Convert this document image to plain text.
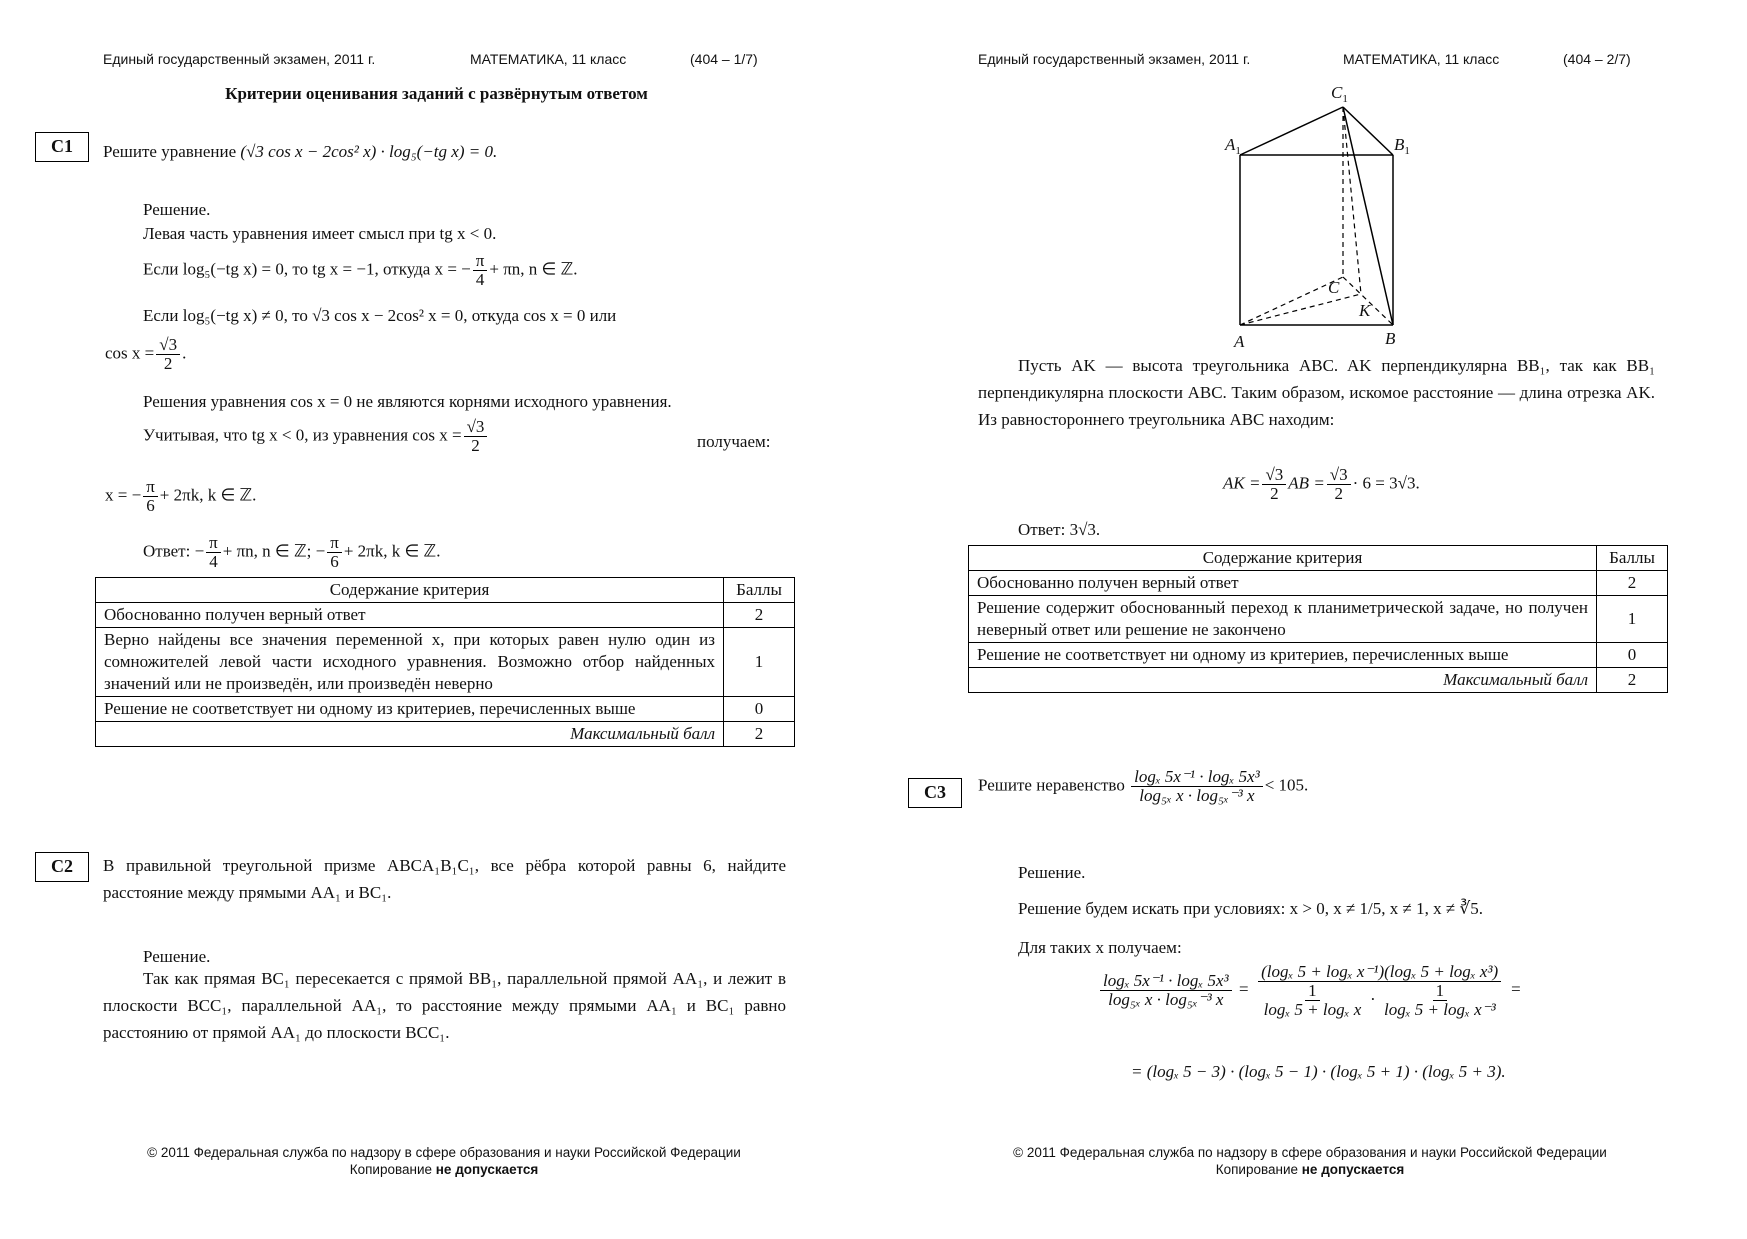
Единый государственный экзамен, 2011 г.	МАТЕМАТИКА, 11 класс	(404 – 1/7)
Критерии оценивания заданий с развёрнутым ответом
C1	Решите уравнение (√3 cos x − 2cos² x) · log₅(−tg x) = 0.
Решение.
Левая часть уравнения имеет смысл при tg x < 0.
Если log₅(−tg x) = 0, то tg x = −1, откуда x = − $\frac{\pi}{4} + \pi n$, n ∈ ℤ.
Если log₅(−tg x) ≠ 0, то √3 cos x − 2cos² x = 0, откуда cos x = 0 или
$\cos x = \frac{√3}{2}$ .
Решения уравнения cos x = 0 не являются корнями исходного уравнения.
Учитывая, что tg x < 0, из уравнения $\cos x = \frac{√3}{2}$	получаем:
x = − $\frac{\pi}{6} + 2\pi k$, k ∈ ℤ.
Ответ: − $\frac{\pi}{4} + \pi n$, n ∈ ℤ; − $\frac{\pi}{6} + 2\pi k$, k ∈ ℤ.
Содержание критерия	Баллы
Обоснованно получен верный ответ	2
Верно найдены все значения переменной x, при которых равен нулю один из сомножителей левой части исходного уравнения. Возможно отбор найденных значений или не произведён, или произведён неверно	1
Решение не соответствует ни одному из критериев, перечисленных выше	0
Максимальный балл	2
C2	В правильной треугольной призме ABCA₁B₁C₁, все рёбра которой равны 6, найдите расстояние между прямыми AA₁ и BC₁.
Решение.
Так как прямая BC₁ пересекается с прямой BB₁, параллельной прямой AA₁, и лежит в плоскости BCC₁, параллельной AA₁, то расстояние между прямыми AA₁ и BC₁ равно расстоянию от прямой AA₁ до плоскости BCC₁.
© 2011 Федеральная служба по надзору в сфере образования и науки Российской Федерации
Копирование не допускается
Единый государственный экзамен, 2011 г.	МАТЕМАТИКА, 11 класс	(404 – 2/7)
$C_1$
$A_1$	$B_1$
C
K
A	B
Пусть AK — высота треугольника ABC. AK перпендикулярна BB₁, так как BB₁ перпендикулярна плоскости ABC. Таким образом, искомое расстояние — длина отрезка AK. Из равностороннего треугольника ABC находим:
AK = $\frac{√3}{2}$ AB = $\frac{√3}{2} \cdot 6 = 3√3$.
Ответ: 3√3.
Содержание критерия	Баллы
Обоснованно получен верный ответ	2
Решение содержит обоснованный переход к планиметрической задаче, но получен неверный ответ или решение не закончено	1
Решение не соответствует ни одному из критериев, перечисленных выше	0
Максимальный балл	2
C3	Решите неравенство $\frac{\text{logₓ 5x⁻¹ · logₓ 5x³}}{\text{log₅ₓ x · log₅ₓ⁻³ x}} < 105$.
Решение.
Решение будем искать при условиях: x > 0, x ≠ 1/5, x ≠ 1, x ≠ ∛5.
Для таких x получаем:
$\frac{\text{logₓ 5x⁻¹ · logₓ 5x³}}{\text{log₅ₓ x · log₅ₓ⁻³ x}} = \frac{\text{(logₓ 5 + logₓ x⁻¹)(logₓ 5 + logₓ x³)}}{\frac{1}{\text{logₓ 5 + logₓ x}} \cdot \frac{1}{\text{logₓ 5 + logₓ x⁻³}}}$ =
= (logₓ 5 − 3) · (logₓ 5 − 1) · (logₓ 5 + 1) · (logₓ 5 + 3).
© 2011 Федеральная служба по надзору в сфере образования и науки Российской Федерации
Копирование не допускается
